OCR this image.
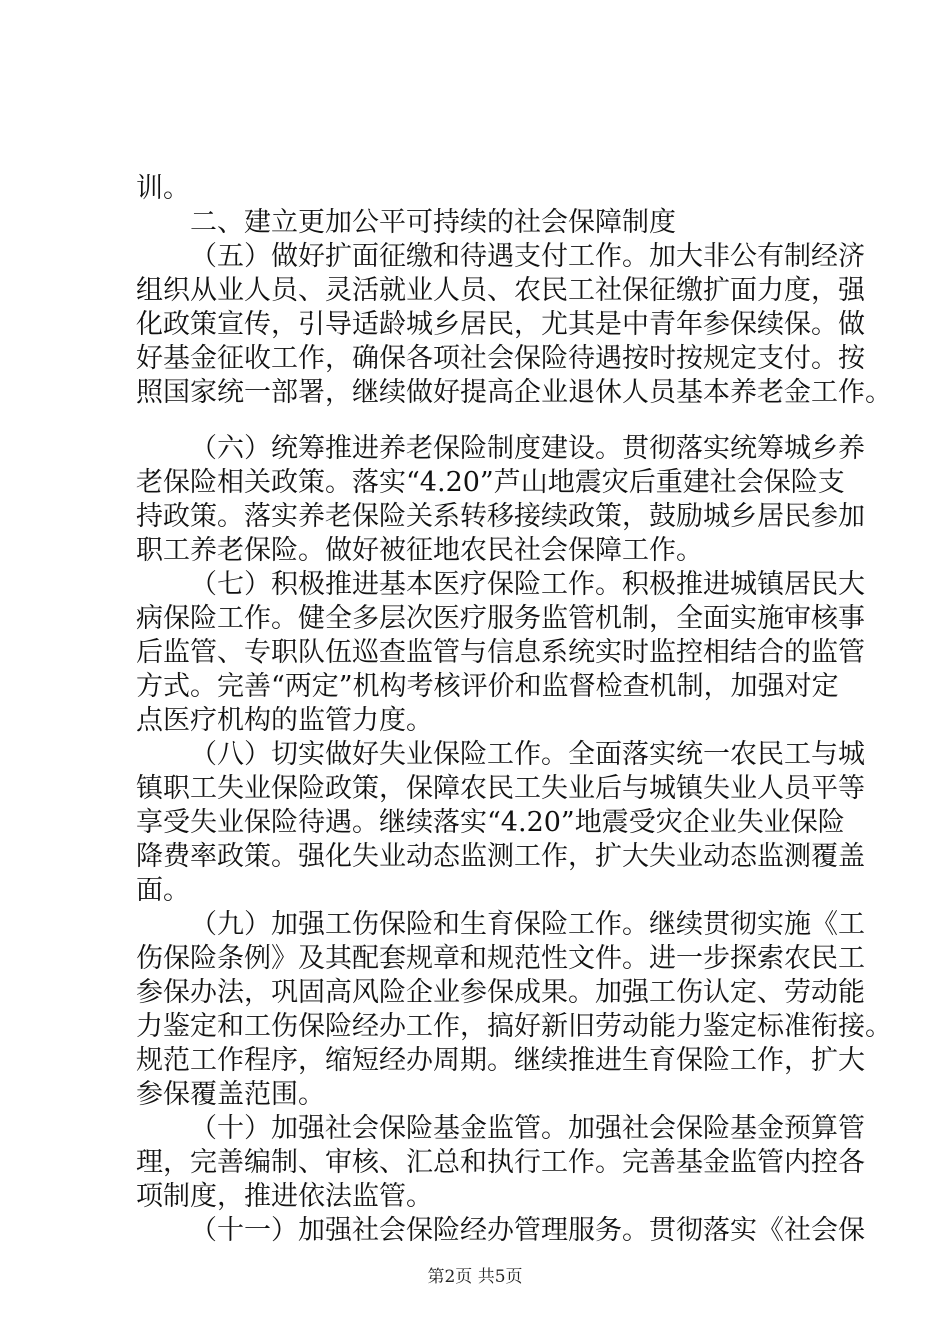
训。
二、建立更加公平可持续的社会保障制度
（五）做好扩面征缴和待遇支付工作。加大非公有制经济
组织从业人员、灵活就业人员、农民工社保征缴扩面力度，强
化政策宣传，引导适龄城乡居民，尤其是中青年参保续保。做
好基金征收工作，确保各项社会保险待遇按时按规定支付。按
照国家统一部署，继续做好提高企业退休人员基本养老金工作。
（六）统筹推进养老保险制度建设。贯彻落实统筹城乡养
老保险相关政策。落实“4.20”芦山地震灾后重建社会保险支
持政策。落实养老保险关系转移接续政策，鼓励城乡居民参加
职工养老保险。做好被征地农民社会保障工作。
（七）积极推进基本医疗保险工作。积极推进城镇居民大
病保险工作。健全多层次医疗服务监管机制，全面实施审核事
后监管、专职队伍巡查监管与信息系统实时监控相结合的监管
方式。完善“两定”机构考核评价和监督检查机制，加强对定
点医疗机构的监管力度。
（八）切实做好失业保险工作。全面落实统一农民工与城
镇职工失业保险政策，保障农民工失业后与城镇失业人员平等
享受失业保险待遇。继续落实“4.20”地震受灾企业失业保险
降费率政策。强化失业动态监测工作，扩大失业动态监测覆盖
面。
（九）加强工伤保险和生育保险工作。继续贯彻实施《工
伤保险条例》及其配套规章和规范性文件。进一步探索农民工
参保办法，巩固高风险企业参保成果。加强工伤认定、劳动能
力鉴定和工伤保险经办工作，搞好新旧劳动能力鉴定标准衔接。
规范工作程序，缩短经办周期。继续推进生育保险工作，扩大
参保覆盖范围。
（十）加强社会保险基金监管。加强社会保险基金预算管
理，完善编制、审核、汇总和执行工作。完善基金监管内控各
项制度，推进依法监管。
（十一）加强社会保险经办管理服务。贯彻落实《社会保
第2页 共5页
